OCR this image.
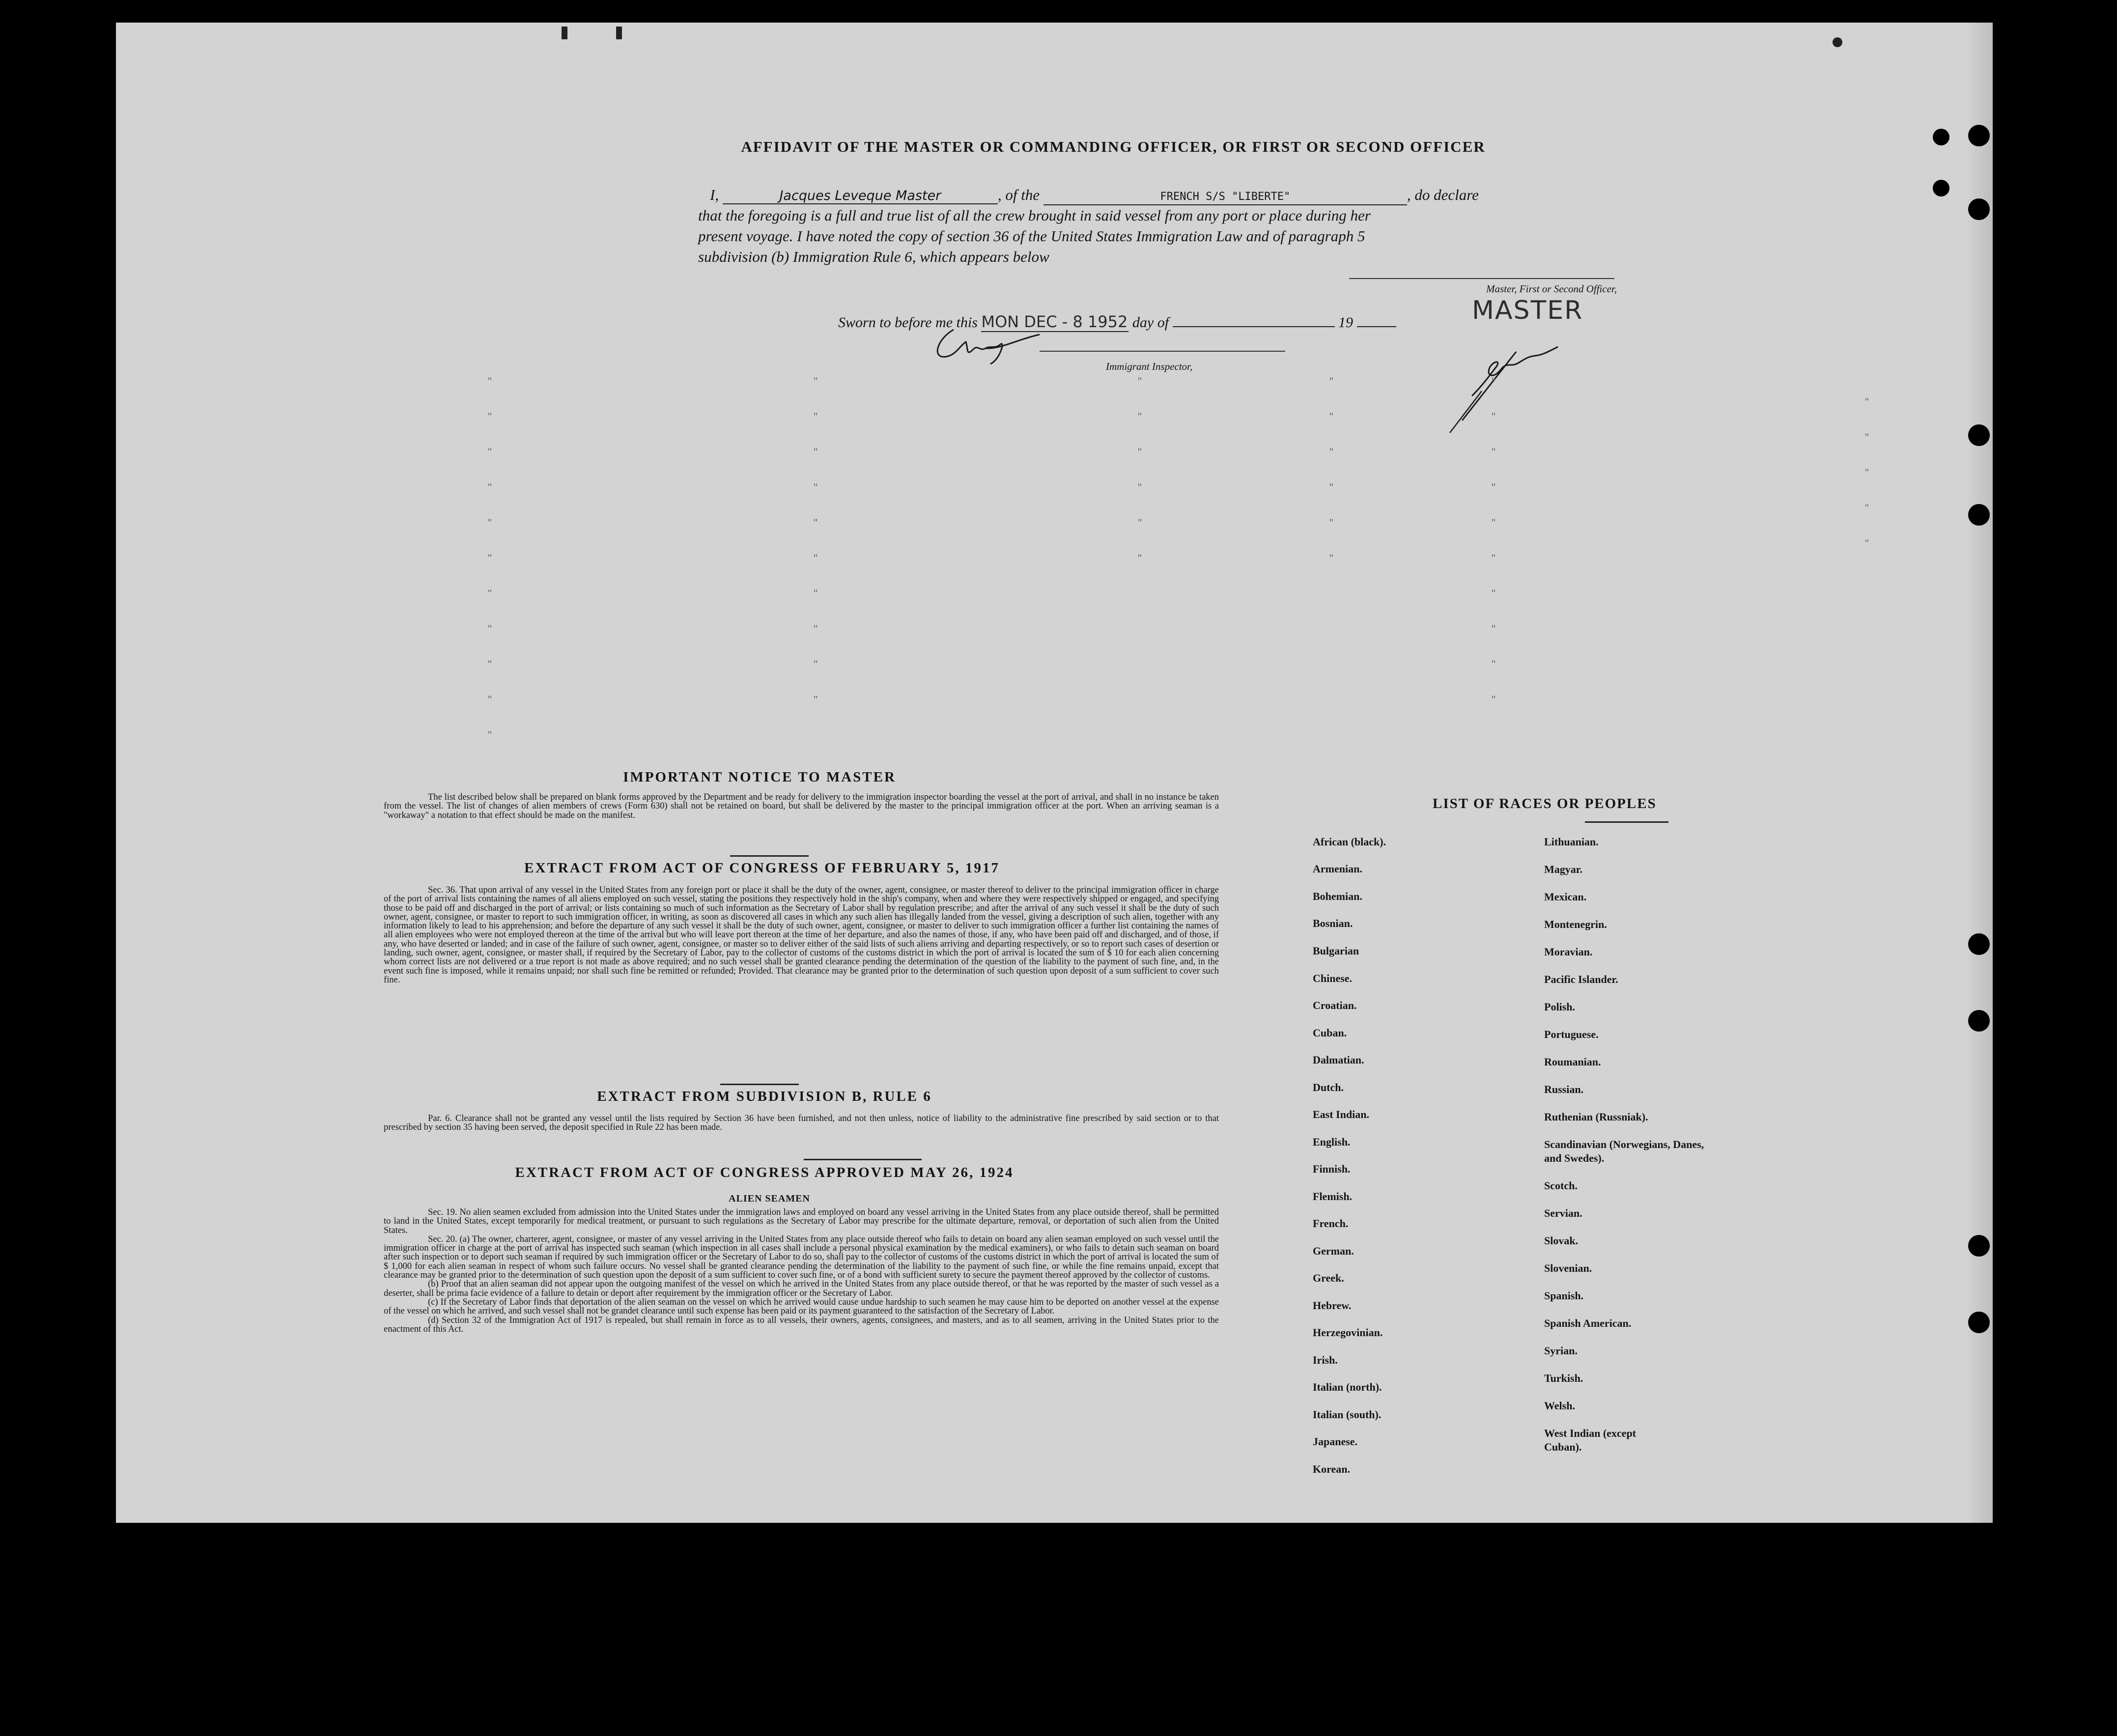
AFFIDAVIT OF THE MASTER OR COMMANDING OFFICER, OR FIRST OR SECOND OFFICER

I,	Jacques Leveque Master	, of the	FRENCH S/S "LIBERTE"	, do declare
that the foregoing is a full and true list of all the crew brought in said vessel from any port or place during her
present voyage. I have noted the copy of section 36 of the United States Immigration Law and of paragraph 5
subdivision (b) Immigration Rule 6, which appears below

Master, First or Second Officer,
MASTER
Sworn to before me this MON DEC - 8 1952 day of	19
Immigrant Inspector,
"
"
"
"
"
"
"
"
"
"
"
"
"
"
"
"
"
"
"
"
"
"
"
"
"
"
"
"
"
"
"
"
"
"
"
"
"
"
"
"
"
"
"
"
"
"
"
"
IMPORTANT NOTICE TO MASTER

The list described below shall be prepared on blank forms approved by the Department and be ready for delivery to the immigration inspector boarding the vessel at the port of arrival, and shall in no instance be taken from the vessel. The list of changes of alien members of crews (Form 630) shall not be retained on board, but shall be delivered by the master to the principal immigration officer at the port. When an arriving seaman is a "workaway" a notation to that effect should be made on the manifest.

EXTRACT FROM ACT OF CONGRESS OF FEBRUARY 5, 1917

Sec. 36. That upon arrival of any vessel in the United States from any foreign port or place it shall be the duty of the owner, agent, consignee, or master thereof to deliver to the principal immigration officer in charge of the port of arrival lists containing the names of all aliens employed on such vessel, stating the positions they respectively hold in the ship's company, when and where they were respectively shipped or engaged, and specifying those to be paid off and discharged in the port of arrival; or lists containing so much of such information as the Secretary of Labor shall by regulation prescribe; and after the arrival of any such vessel it shall be the duty of such owner, agent, consignee, or master to report to such immigration officer, in writing, as soon as discovered all cases in which any such alien has illegally landed from the vessel, giving a description of such alien, together with any information likely to lead to his apprehension; and before the departure of any such vessel it shall be the duty of such owner, agent, consignee, or master to deliver to such immigration officer a further list containing the names of all alien employees who were not employed thereon at the time of the arrival but who will leave port thereon at the time of her departure, and also the names of those, if any, who have been paid off and discharged, and of those, if any, who have deserted or landed; and in case of the failure of such owner, agent, consignee, or master so to deliver either of the said lists of such aliens arriving and departing respectively, or so to report such cases of desertion or landing, such owner, agent, consignee, or master shall, if required by the Secretary of Labor, pay to the collector of customs of the customs district in which the port of arrival is located the sum of $ 10 for each alien concerning whom correct lists are not delivered or a true report is not made as above required; and no such vessel shall be granted clearance pending the determination of the question of the liability to the payment of such fine, and, in the event such fine is imposed, while it remains unpaid; nor shall such fine be remitted or refunded; Provided. That clearance may be granted prior to the determination of such question upon deposit of a sum sufficient to cover such fine.

EXTRACT FROM SUBDIVISION B, RULE 6

Par. 6. Clearance shall not be granted any vessel until the lists required by Section 36 have been furnished, and not then unless, notice of liability to the administrative fine prescribed by said section or to that prescribed by section 35 having been served, the deposit specified in Rule 22 has been made.

EXTRACT FROM ACT OF CONGRESS APPROVED MAY 26, 1924
ALIEN SEAMEN

Sec. 19. No alien seamen excluded from admission into the United States under the immigration laws and employed on board any vessel arriving in the United States from any place outside thereof, shall be permitted to land in the United States, except temporarily for medical treatment, or pursuant to such regulations as the Secretary of Labor may prescribe for the ultimate departure, removal, or deportation of such alien from the United States.
Sec. 20. (a) The owner, charterer, agent, consignee, or master of any vessel arriving in the United States from any place outside thereof who fails to detain on board any alien seaman employed on such vessel until the immigration officer in charge at the port of arrival has inspected such seaman (which inspection in all cases shall include a personal physical examination by the medical examiners), or who fails to detain such seaman on board after such inspection or to deport such seaman if required by such immigration officer or the Secretary of Labor to do so, shall pay to the collector of customs of the customs district in which the port of arrival is located the sum of $ 1,000 for each alien seaman in respect of whom such failure occurs. No vessel shall be granted clearance pending the determination of the liability to the payment of such fine, or while the fine remains unpaid, except that clearance may be granted prior to the determination of such question upon the deposit of a sum sufficient to cover such fine, or of a bond with sufficient surety to secure the payment thereof approved by the collector of customs.
(b) Proof that an alien seaman did not appear upon the outgoing manifest of the vessel on which he arrived in the United States from any place outside thereof, or that he was reported by the master of such vessel as a deserter, shall be prima facie evidence of a failure to detain or deport after requirement by the immigration officer or the Secretary of Labor.
(c) If the Secretary of Labor finds that deportation of the alien seaman on the vessel on which he arrived would cause undue hardship to such seamen he may cause him to be deported on another vessel at the expense of the vessel on which he arrived, and such vessel shall not be grandet clearance until such expense has been paid or its payment guaranteed to the satisfaction of the Secretary of Labor.
(d) Section 32 of the Immigration Act of 1917 is repealed, but shall remain in force as to all vessels, their owners, agents, consignees, and masters, and as to all seamen, arriving in the United States prior to the enactment of this Act.

LIST OF RACES OR PEOPLES
African (black).
Armenian.
Bohemian.
Bosnian.
Bulgarian
Chinese.
Croatian.
Cuban.
Dalmatian.
Dutch.
East Indian.
English.
Finnish.
Flemish.
French.
German.
Greek.
Hebrew.
Herzegovinian.
Irish.
Italian (north).
Italian (south).
Japanese.
Korean.
Lithuanian.
Magyar.
Mexican.
Montenegrin.
Moravian.
Pacific Islander.
Polish.
Portuguese.
Roumanian.
Russian.
Ruthenian (Russniak).
Scandinavian (Norwegians, Danes, and Swedes).
Scotch.
Servian.
Slovak.
Slovenian.
Spanish.
Spanish American.
Syrian.
Turkish.
Welsh.
West Indian (except Cuban).
